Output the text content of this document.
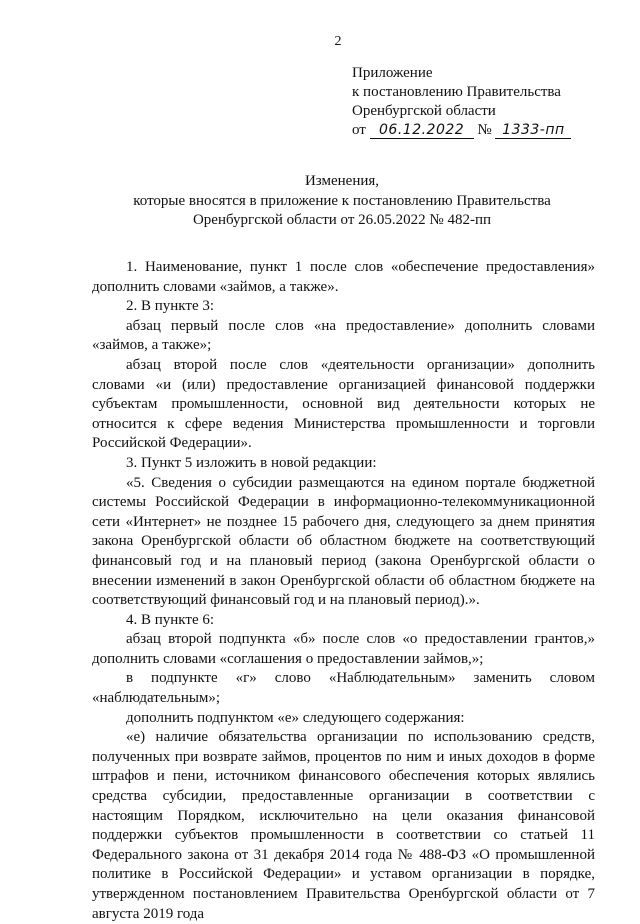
2
Приложение
к постановлению Правительства
Оренбургской области
от 06.12.2022 № 1333-пп
Изменения,
которые вносятся в приложение к постановлению Правительства
Оренбургской области от 26.05.2022 № 482-пп

1. Наименование, пункт 1 после слов «обеспечение предоставления» дополнить словами «займов, а также».

2. В пункте 3:

абзац первый после слов «на предоставление» дополнить словами «займов, а также»;

абзац второй после слов «деятельности организации» дополнить словами «и (или) предоставление организацией финансовой поддержки субъектам промышленности, основной вид деятельности которых не относится к сфере ведения Министерства промышленности и торговли Российской Федерации».

3. Пункт 5 изложить в новой редакции:

«5. Сведения о субсидии размещаются на едином портале бюджетной системы Российской Федерации в информационно-телекоммуникационной сети «Интернет» не позднее 15 рабочего дня, следующего за днем принятия закона Оренбургской области об областном бюджете на соответствующий финансовый год и на плановый период (закона Оренбургской области о внесении изменений в закон Оренбургской области об областном бюджете на соответствующий финансовый год и на плановый период).».

4. В пункте 6:

абзац второй подпункта «б» после слов «о предоставлении грантов,» дополнить словами «соглашения о предоставлении займов,»;

в подпункте «г» слово «Наблюдательным» заменить словом «наблюдательным»;

дополнить подпунктом «е» следующего содержания:

«е) наличие обязательства организации по использованию средств, полученных при возврате займов, процентов по ним и иных доходов в форме штрафов и пени, источником финансового обеспечения которых являлись средства субсидии, предоставленные организации в соответствии с настоящим Порядком, исключительно на цели оказания финансовой поддержки субъектов промышленности в соответствии со статьей 11 Федерального закона от 31 декабря 2014 года № 488-ФЗ «О промышленной политике в Российской Федерации» и уставом организации в порядке, утвержденном постановлением Правительства Оренбургской области от 7 августа 2019 года
